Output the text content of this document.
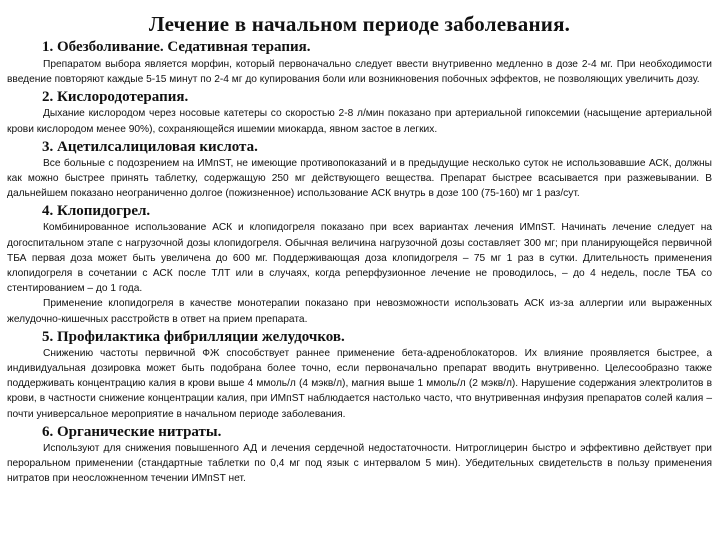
Лечение в начальном периоде заболевания.
1. Обезболивание. Седативная терапия.

Препаратом выбора является морфин, который первоначально следует ввести внутривенно медленно в дозе 2-4 мг. При необходимости введение повторяют каждые 5-15 минут по 2-4 мг до купирования боли или возникновения побочных эффектов, не позволяющих увеличить дозу.

2. Кислородотерапия.

Дыхание кислородом через носовые катетеры со скоростью 2-8 л/мин показано при артериальной гипоксемии (насыщение артериальной крови кислородом менее 90%), сохраняющейся ишемии миокарда, явном застое в легких.

3. Ацетилсалициловая кислота.

Все больные с подозрением на ИМпST, не имеющие противопоказаний и в предыдущие несколько суток не использовавшие АСК, должны как можно быстрее принять таблетку, содержащую 250 мг действующего вещества. Препарат быстрее всасывается при разжевывании. В дальнейшем показано неограниченно долгое (пожизненное) использование АСК внутрь в дозе 100 (75-160) мг 1 раз/сут.

4. Клопидогрел.

Комбинированное использование АСК и клопидогреля показано при всех вариантах лечения ИМпST. Начинать лечение следует на догоспитальном этапе с нагрузочной дозы клопидогреля. Обычная величина нагрузочной дозы составляет 300 мг; при планирующейся первичной ТБА первая доза может быть увеличена до 600 мг. Поддерживающая доза клопидогреля – 75 мг 1 раз в сутки. Длительность применения клопидогреля в сочетании с АСК после ТЛТ или в случаях, когда реперфузионное лечение не проводилось, – до 4 недель, после ТБА со стентированием – до 1 года.

Применение клопидогреля в качестве монотерапии показано при невозможности использовать АСК из-за аллергии или выраженных желудочно-кишечных расстройств в ответ на прием препарата.

5. Профилактика фибрилляции желудочков.

Снижению частоты первичной ФЖ способствует раннее применение бета-адреноблокаторов. Их влияние проявляется быстрее, а индивидуальная дозировка может быть подобрана более точно, если первоначально препарат вводить внутривенно. Целесообразно также поддерживать концентрацию калия в крови выше 4 ммоль/л (4 мэкв/л), магния выше 1 ммоль/л (2 мэкв/л). Нарушение содержания электролитов в крови, в частности снижение концентрации калия, при ИМпST наблюдается настолько часто, что внутривенная инфузия препаратов солей калия – почти универсальное мероприятие в начальном периоде заболевания.

6. Органические нитраты.

Используют для снижения повышенного АД и лечения сердечной недостаточности. Нитроглицерин быстро и эффективно действует при пероральном применении (стандартные таблетки по 0,4 мг под язык с интервалом 5 мин). Убедительных свидетельств в пользу применения нитратов при неосложненном течении ИМпST нет.
